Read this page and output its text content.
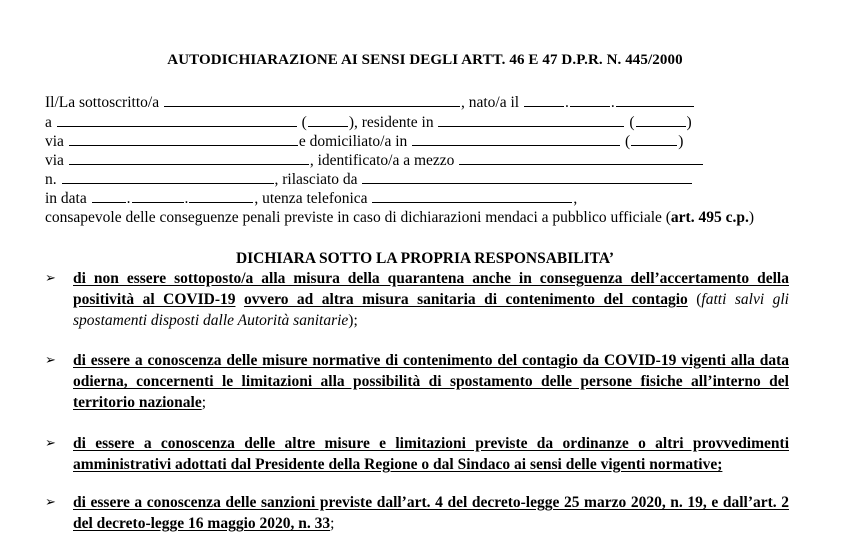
AUTODICHIARAZIONE AI SENSI DEGLI ARTT. 46 E 47 D.P.R. N. 445/2000
Il/La sottoscritto/a	, nato/a il	.	.
a	(	), residente in	(	)
via	e domiciliato/a in	(	)
via	, identificato/a a mezzo
n.	, rilasciato da
in data	.	.	, utenza telefonica	,
consapevole delle conseguenze penali previste in caso di dichiarazioni mendaci a pubblico ufficiale (art. 495 c.p.)
DICHIARA SOTTO LA PROPRIA RESPONSABILITA’
➢ di non essere sottoposto/a alla misura della quarantena anche in conseguenza dell’accertamento della positività al COVID-19 ovvero ad altra misura sanitaria di contenimento del contagio (fatti salvi gli spostamenti disposti dalle Autorità sanitarie);
➢ di essere a conoscenza delle misure normative di contenimento del contagio da COVID-19 vigenti alla data odierna, concernenti le limitazioni alla possibilità di spostamento delle persone fisiche all’interno del territorio nazionale;
➢ di essere a conoscenza delle altre misure e limitazioni previste da ordinanze o altri provvedimenti amministrativi adottati dal Presidente della Regione o dal Sindaco ai sensi delle vigenti normative;
➢ di essere a conoscenza delle sanzioni previste dall’art. 4 del decreto-legge 25 marzo 2020, n. 19, e dall’art. 2 del decreto-legge 16 maggio 2020, n. 33;
